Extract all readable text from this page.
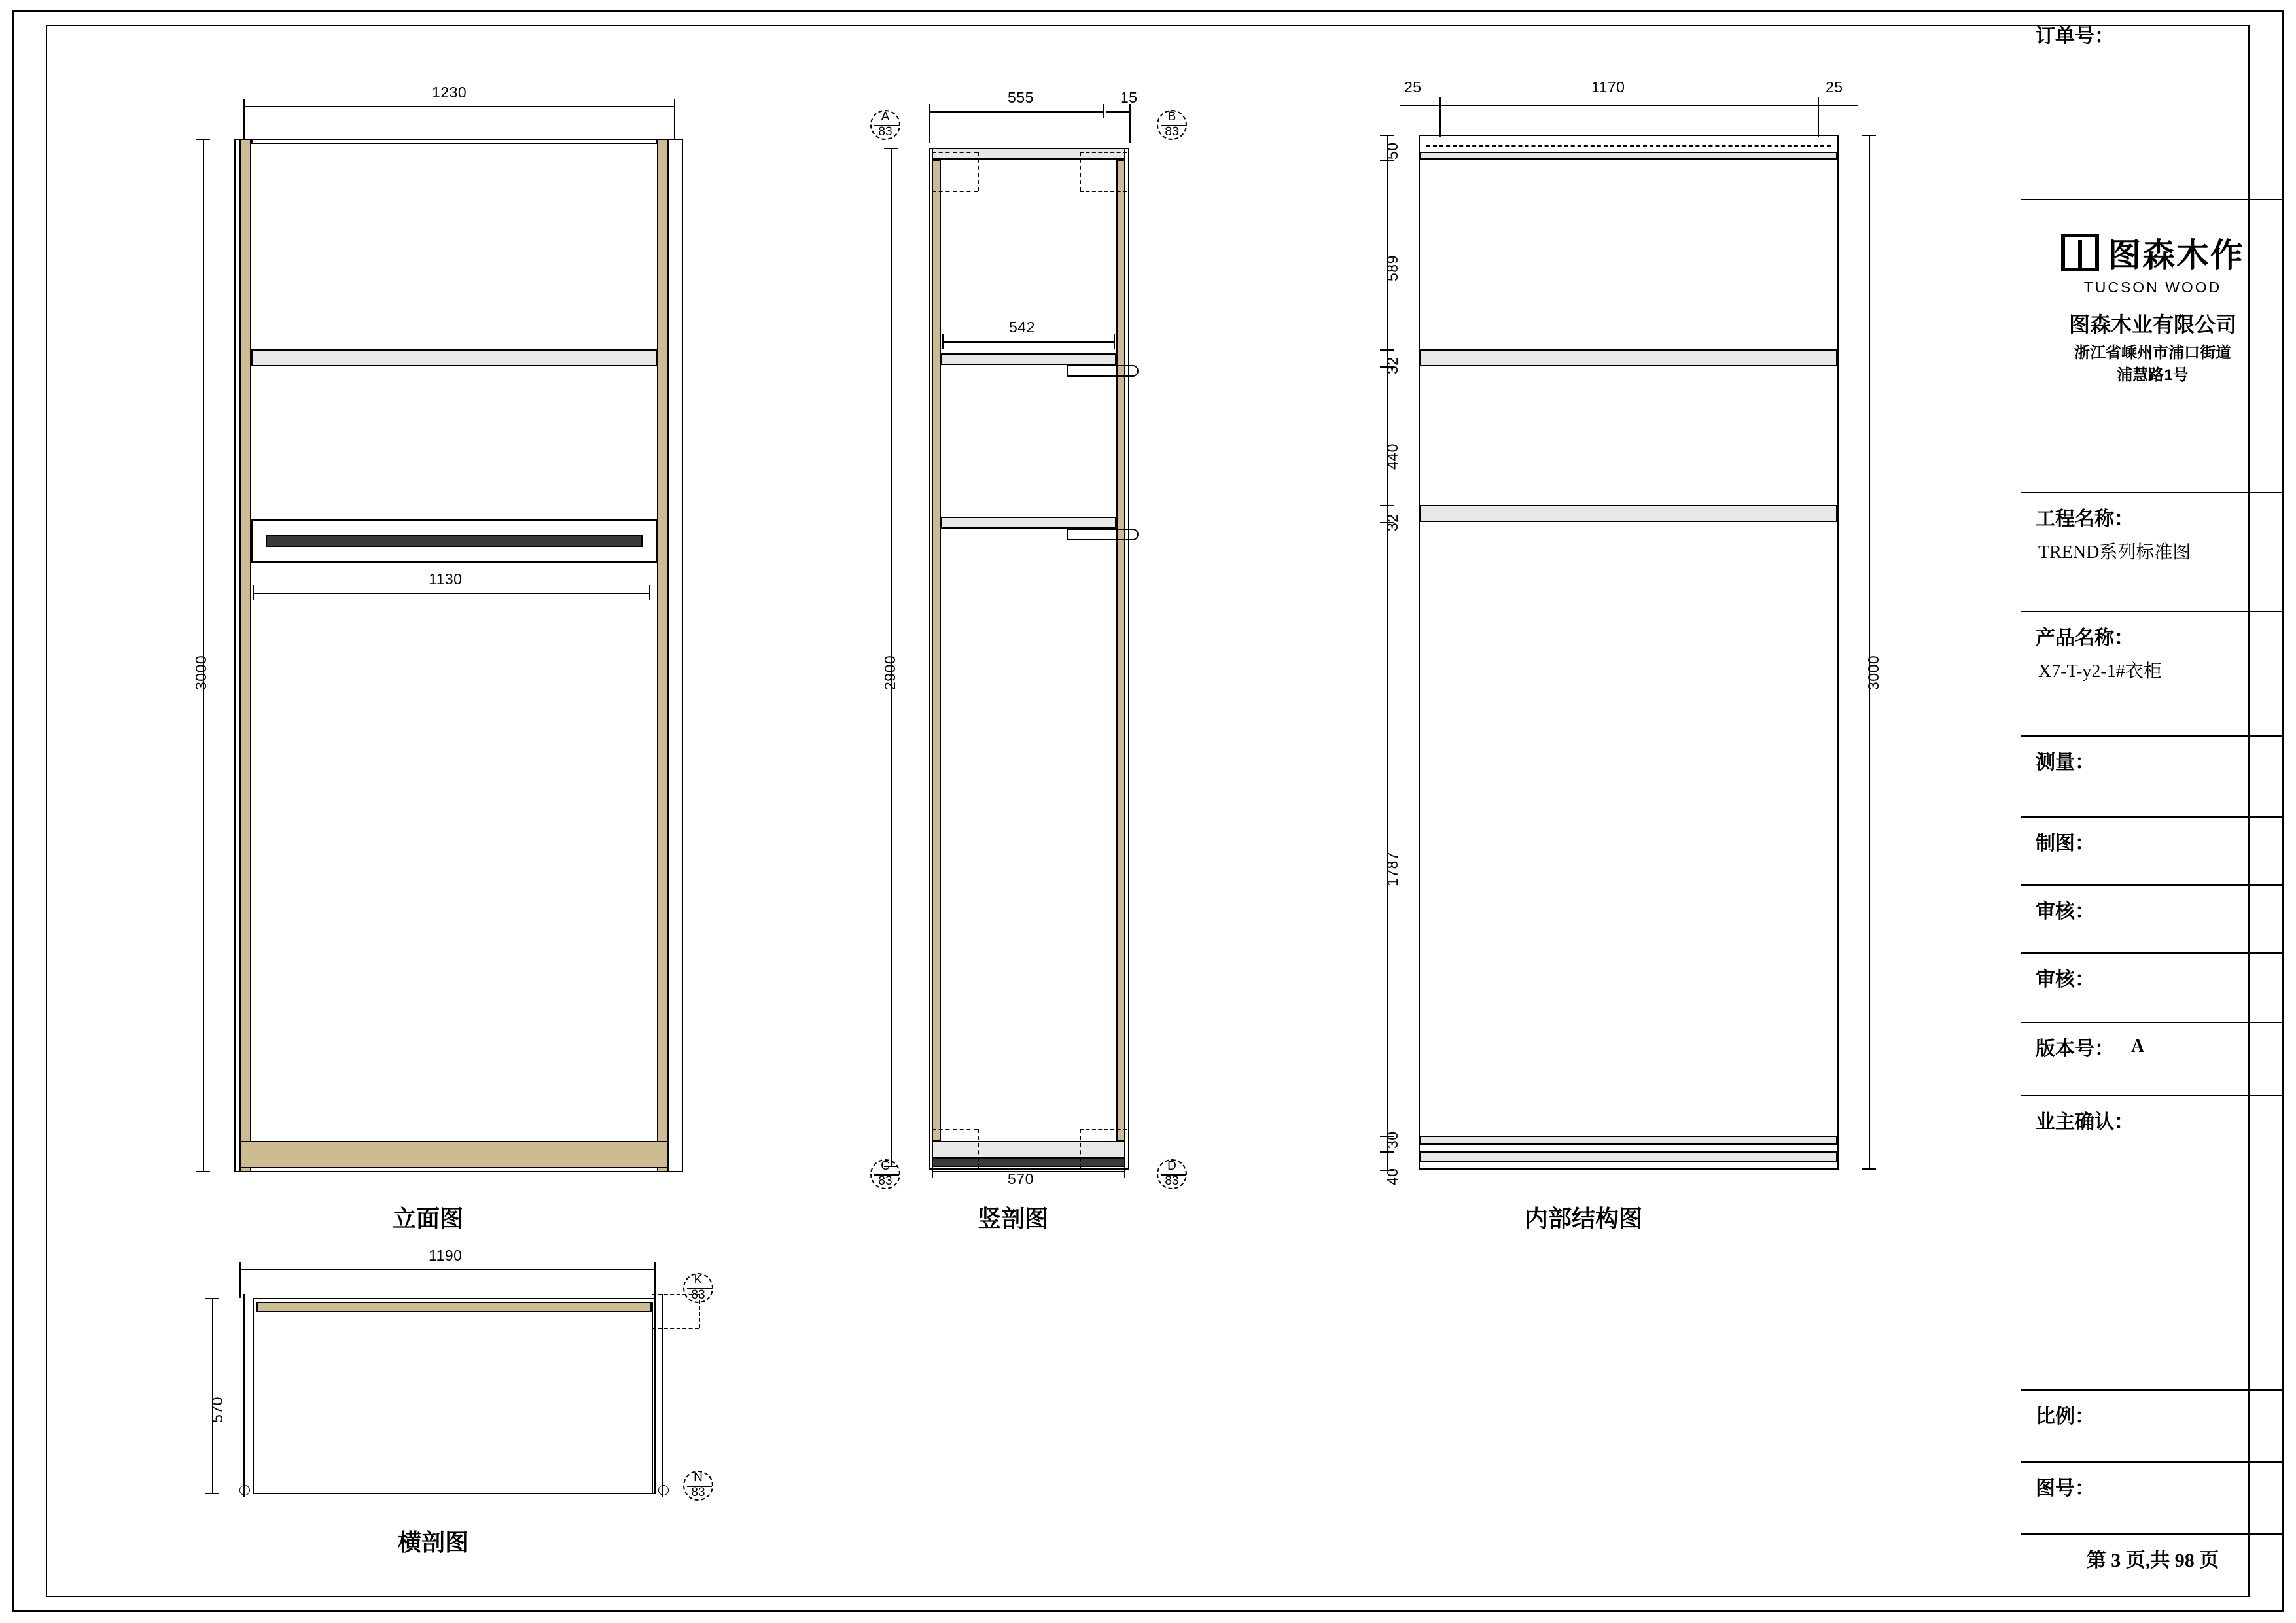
1230
3000
1130
立面图
555	15
542
2900
570
A
83
B
83
C
83
D
83
竖剖图
25	1170	25
50
589
32
440
32
1787
30
40
3000
内部结构图
1190
570
K
83
N
83
横剖图
订单号：
图森木作
TUCSON WOOD
图森木业有限公司
浙江省嵊州市浦口街道
浦慧路1号
工程名称：
TREND系列标准图
产品名称：
X7-T-y2-1#衣柜
测量：
制图：
审核：
审核：
版本号： A
业主确认：
比例：
图号：
第 3 页,共 98 页
